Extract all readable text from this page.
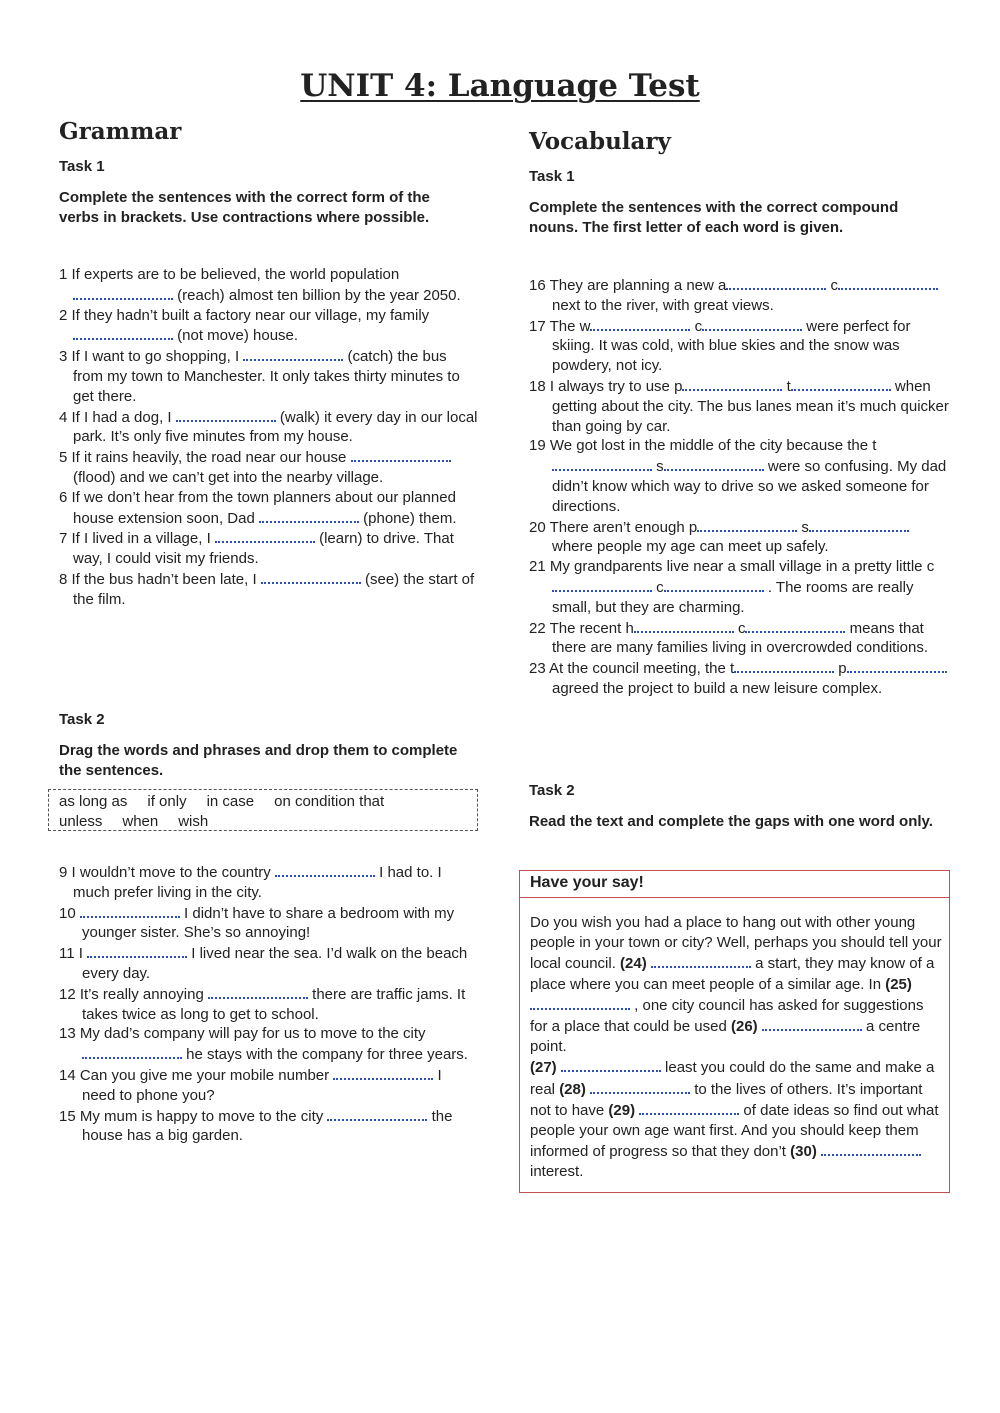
UNIT 4: Language Test
Grammar
Task 1
Complete the sentences with the correct form of the verbs in brackets. Use contractions where possible.
1 If experts are to be believed, the world population  (reach) almost ten billion by the year 2050.
2 If they hadn’t built a factory near our village, my family  (not move) house.
3 If I want to go shopping, I	(catch) the bus from my town to Manchester. It only takes thirty minutes to get there.
4 If I had a dog, I	(walk) it every day in our local park. It’s only five minutes from my house.
5 If it rains heavily, the road near our house  (flood) and we can’t get into the nearby village.
6 If we don’t hear from the town planners about our planned house extension soon, Dad	(phone) them.
7 If I lived in a village, I	(learn) to drive. That way, I could visit my friends.
8 If the bus hadn’t been late, I	(see) the start of the film.
Task 2
Drag the words and phrases and drop them to complete the sentences.
as long as if only in case on condition that
unless when wish
9 I wouldn’t move to the country	I had to. I much prefer living in the city.
10	I didn’t have to share a bedroom with my younger sister. She’s so annoying!
11 I	I lived near the sea. I’d walk on the beach every day.
12 It’s really annoying	there are traffic jams. It takes twice as long to get to school.
13 My dad’s company will pay for us to move to the city  he stays with the company for three years.
14 Can you give me your mobile number	I need to phone you?
15 My mum is happy to move to the city	the house has a big garden.
Vocabulary
Task 1
Complete the sentences with the correct compound nouns. The first letter of each word is given.
16 They are planning a new a	c next to the river, with great views.
17 The w	c	were perfect for skiing. It was cold, with blue skies and the snow was powdery, not icy.
18 I always try to use p	t	when getting about the city. The bus lanes mean it’s much quicker than going by car.
19 We got lost in the middle of the city because the t s	were so confusing. My dad didn’t know which way to drive so we asked someone for directions.
20 There aren’t enough p	s where people my age can meet up safely.
21 My grandparents live near a small village in a pretty little c c	. The rooms are really small, but they are charming.
22 The recent h	c	means that there are many families living in overcrowded conditions.
23 At the council meeting, the t	p agreed the project to build a new leisure complex.
Task 2
Read the text and complete the gaps with one word only.
Have your say!
Do you wish you had a place to hang out with other young people in your town or city? Well, perhaps you should tell your local council. (24)	a start, they may know of a place where you can meet people of a similar age. In (25)  , one city council has asked for suggestions for a place that could be used (26)	a centre point.
(27)	least you could do the same and make a real (28)	to the lives of others. It’s important not to have (29)	of date ideas so find out what people your own age want first. And you should keep them informed of progress so that they don’t (30)  interest.
